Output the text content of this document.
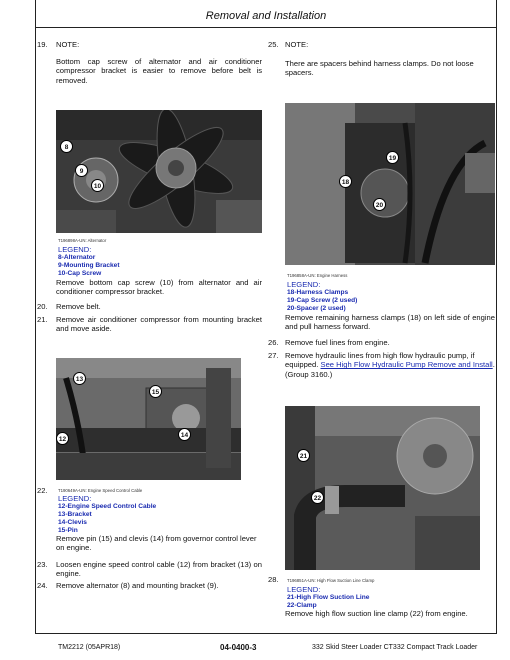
Removal and Installation
19. NOTE:
Bottom cap screw of alternator and air conditioner compressor bracket is easier to remove before belt is removed.
8
9
10
T196898A-UN: Alternator
LEGEND:
8-Alternator
9-Mounting Bracket
10-Cap Screw
Remove bottom cap screw (10) from alternator and air conditioner compressor bracket.
20. Remove belt.
21. Remove air conditioner compressor from mounting bracket and move aside.
13
12
15
14
22. T190649A-UN: Engine Speed Control Cable
LEGEND:
12-Engine Speed Control Cable
13-Bracket
14-Clevis
15-Pin
Remove pin (15) and clevis (14) from governor control lever on engine.
23. Loosen engine speed control cable (12) from bracket (13) on engine.
24. Remove alternator (8) and mounting bracket (9).
25. NOTE:
There are spacers behind harness clamps. Do not loose spacers.
19
18
20
T196858A-UN: Engine Harness
LEGEND:
18-Harness Clamps
19-Cap Screw (2 used)
20-Spacer (2 used)
Remove remaining harness clamps (18) on left side of engine and pull harness forward.
26. Remove fuel lines from engine.
27. Remove hydraulic lines from high flow hydraulic pump, if equipped. See High Flow Hydraulic Pump Remove and Install. (Group 3160.)
21
22
28. T196851A-UN: High Flow Suction Line Clamp
LEGEND:
21-High Flow Suction Line
22-Clamp
Remove high flow suction line clamp (22) from engine.
TM2212 (05APR18)	04-0400-3	332 Skid Steer Loader CT332 Compact Track Loader
